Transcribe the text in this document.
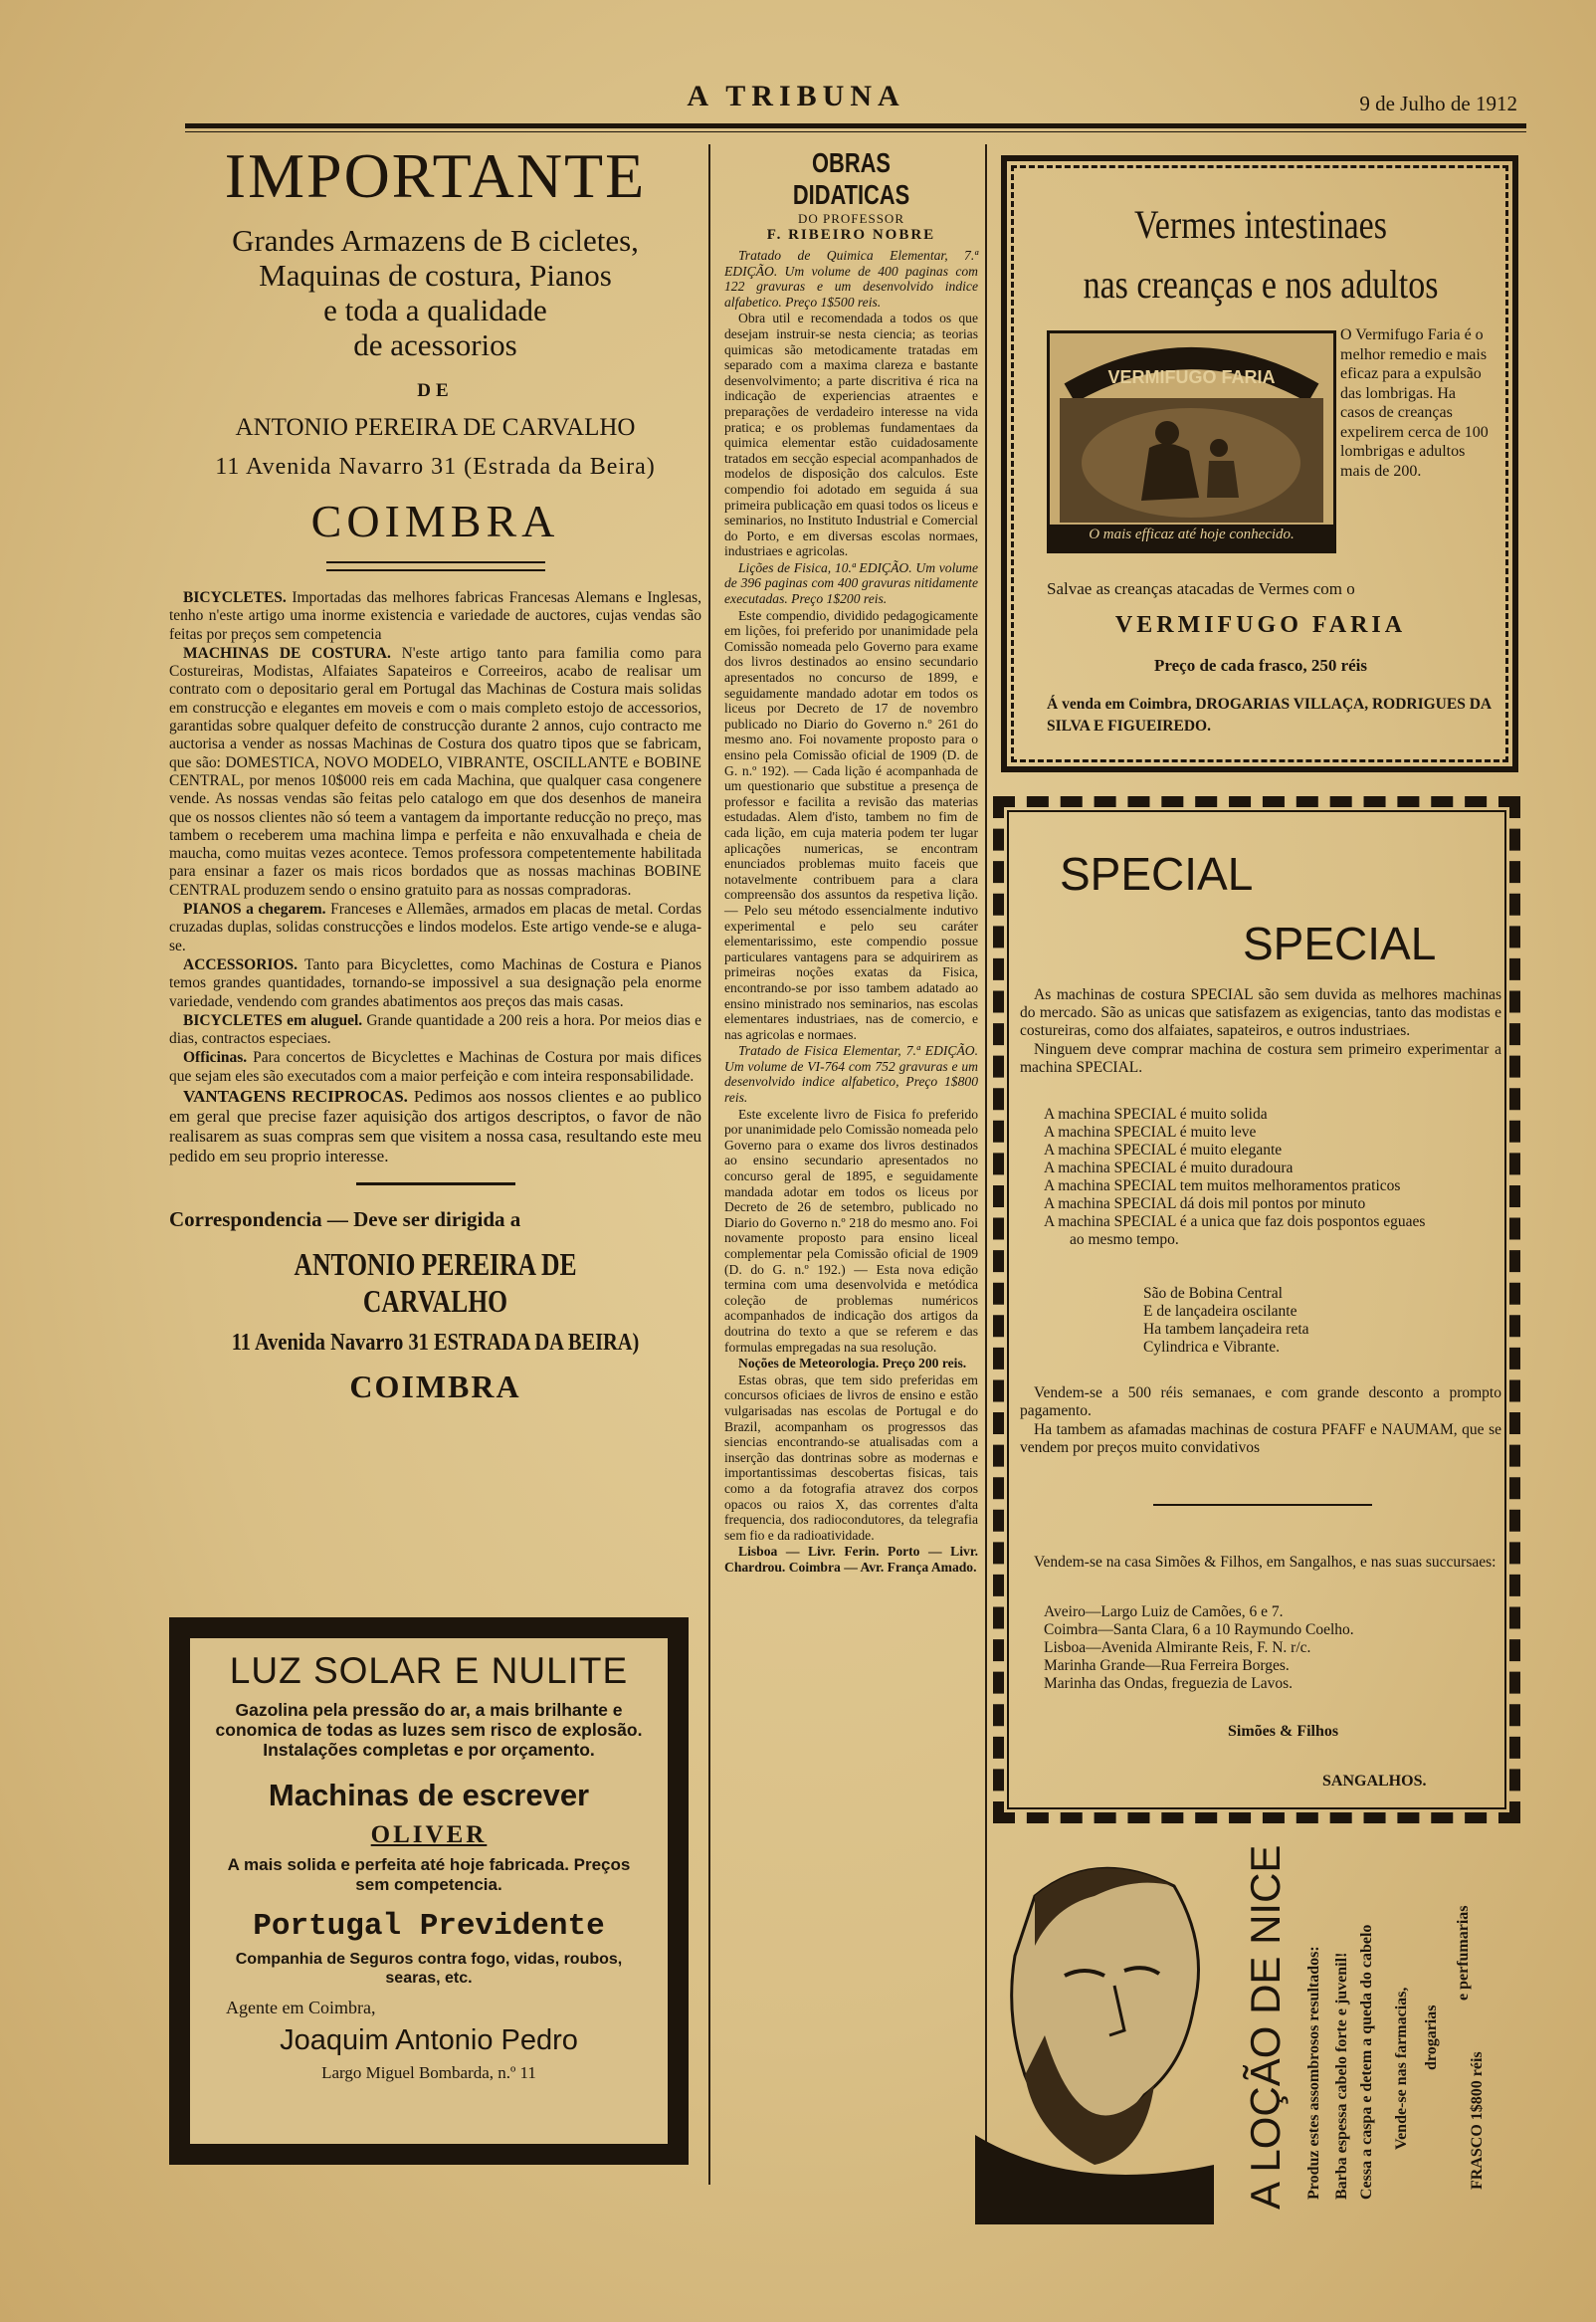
A TRIBUNA	9 de Julho de 1912
IMPORTANTE
Grandes Armazens de B cicletes,
Maquinas de costura, Pianos
e toda a qualidade
de acessorios
DE
ANTONIO PEREIRA DE CARVALHO
11 Avenida Navarro 31 (Estrada da Beira)
COIMBRA

BICYCLETES. Importadas das melhores fabricas Francesas Alemans e Inglesas, tenho n'este artigo uma inorme existencia e variedade de auctores, cujas vendas são feitas por preços sem competencia

MACHINAS DE COSTURA. N'este artigo tanto para familia como para Costureiras, Modistas, Alfaiates Sapateiros e Correeiros, acabo de realisar um contrato com o depositario geral em Portugal das Machinas de Costura mais solidas em construcção e elegantes em moveis e com o mais completo estojo de accessorios, garantidas sobre qualquer defeito de construcção durante 2 annos, cujo contracto me auctorisa a vender as nossas Machinas de Costura dos quatro tipos que se fabricam, que são: DOMESTICA, NOVO MODELO, VIBRANTE, OSCILLANTE e BOBINE CENTRAL, por menos 10$000 reis em cada Machina, que qualquer casa congenere vende. As nossas vendas são feitas pelo catalogo em que dos desenhos de maneira que os nossos clientes não só teem a vantagem da importante reducção no preço, mas tambem o receberem uma machina limpa e perfeita e não enxuvalhada e cheia de maucha, como muitas vezes acontece. Temos professora competentemente habilitada para ensinar a fazer os mais ricos bordados que as nossas machinas BOBINE CENTRAL produzem sendo o ensino gratuito para as nossas compradoras.

PIANOS a chegarem. Franceses e Allemães, armados em placas de metal. Cordas cruzadas duplas, solidas construcções e lindos modelos. Este artigo vende-se e aluga-se.

ACCESSORIOS. Tanto para Bicyclettes, como Machinas de Costura e Pianos temos grandes quantidades, tornando-se impossivel a sua designação pela enorme variedade, vendendo com grandes abatimentos aos preços das mais casas.

BICYCLETES em aluguel. Grande quantidade a 200 reis a hora. Por meios dias e dias, contractos especiaes.

Officinas. Para concertos de Bicyclettes e Machinas de Costura por mais difices que sejam eles são executados com a maior perfeição e com inteira responsabilidade.

VANTAGENS RECIPROCAS. Pedimos aos nossos clientes e ao publico em geral que precise fazer aquisição dos artigos descriptos, o favor de não realisarem as suas compras sem que visitem a nossa casa, resultando este meu pedido em seu proprio interesse.

Correspondencia — Deve ser dirigida a
ANTONIO PEREIRA DE CARVALHO
11 Avenida Navarro 31 ESTRADA DA BEIRA)
COIMBRA
LUZ SOLAR E NULITE
Gazolina pela pressão do ar, a mais brilhante e conomica de todas as luzes sem risco de explosão. Instalações completas e por orçamento.
Machinas de escrever
OLIVER
A mais solida e perfeita até hoje fabricada. Preços sem competencia.
Portugal Previdente
Companhia de Seguros contra fogo, vidas, roubos, searas, etc.
Agente em Coimbra,
Joaquim Antonio Pedro
Largo Miguel Bombarda, n.º 11
OBRAS DIDATICAS
DO PROFESSOR
F. RIBEIRO NOBRE

Tratado de Quimica Elementar, 7.ª EDIÇÃO. Um volume de 400 paginas com 122 gravuras e um desenvolvido indice alfabetico. Preço 1$500 reis.

Obra util e recomendada a todos os que desejam instruir-se nesta ciencia; as teorias quimicas são metodicamente tratadas em separado com a maxima clareza e bastante desenvolvimento; a parte discritiva é rica na indicação de experiencias atraentes e preparações de verdadeiro interesse na vida pratica; e os problemas fundamentaes da quimica elementar estão cuidadosamente tratados em secção especial acompanhados de modelos de disposição dos calculos. Este compendio foi adotado em seguida á sua primeira publicação em quasi todos os liceus e seminarios, no Instituto Industrial e Comercial do Porto, e em diversas escolas normaes, industriaes e agricolas.

Lições de Fisica, 10.ª EDIÇÃO. Um volume de 396 paginas com 400 gravuras nitidamente executadas. Preço 1$200 reis.

Este compendio, dividido pedagogicamente em lições, foi preferido por unanimidade pela Comissão nomeada pelo Governo para exame dos livros destinados ao ensino secundario apresentados no concurso de 1899, e seguidamente mandado adotar em todos os liceus por Decreto de 17 de novembro publicado no Diario do Governo n.º 261 do mesmo ano. Foi novamente proposto para o ensino pela Comissão oficial de 1909 (D. de G. n.º 192). — Cada lição é acompanhada de um questionario que substitue a presença de professor e facilita a revisão das materias estudadas. Alem d'isto, tambem no fim de cada lição, em cuja materia podem ter lugar aplicações numericas, se encontram enunciados problemas muito faceis que notavelmente contribuem para a clara compreensão dos assuntos da respetiva lição. — Pelo seu método essencialmente indutivo experimental e pelo seu caráter elementarissimo, este compendio possue particulares vantagens para se adquirirem as primeiras noções exatas da Fisica, encontrando-se por isso tambem adatado ao ensino ministrado nos seminarios, nas escolas elementares industriaes, nas de comercio, e nas agricolas e normaes.

Tratado de Fisica Elementar, 7.ª EDIÇÃO. Um volume de VI-764 com 752 gravuras e um desenvolvido indice alfabetico, Preço 1$800 reis.

Este excelente livro de Fisica fo preferido por unanimidade pelo Comissão nomeada pelo Governo para o exame dos livros destinados ao ensino secundario apresentados no concurso geral de 1895, e seguidamente mandada adotar em todos os liceus por Decreto de 26 de setembro, publicado no Diario do Governo n.º 218 do mesmo ano. Foi novamente proposto para ensino liceal complementar pela Comissão oficial de 1909 (D. do G. n.º 192.) — Esta nova edição termina com uma desenvolvida e metódica coleção de problemas numéricos acompanhados de indicação dos artigos da doutrina do texto a que se referem e das formulas empregadas na sua resolução.

Noções de Meteorologia. Preço 200 reis.

Estas obras, que tem sido preferidas em concursos oficiaes de livros de ensino e estão vulgarisadas nas escolas de Portugal e do Brazil, acompanham os progressos das siencias encontrando-se atualisadas com a inserção das dontrinas sobre as modernas e importantissimas descobertas fisicas, tais como a da fotografia atravez dos corpos opacos ou raios X, das correntes d'alta frequencia, dos radiocondutores, da telegrafia sem fio e da radioatividade.

Lisboa — Livr. Ferin. Porto — Livr. Chardrou. Coimbra — Avr. França Amado.

Vermes intestinaes
nas creanças e nos adultos
VERMIFUGO FARIA
O mais efficaz até hoje conhecido.
O Vermifugo Faria é o melhor remedio e mais eficaz para a expulsão das lombrigas. Ha casos de creanças expelirem cerca de 100 lombrigas e adultos mais de 200.
Salvae as creanças atacadas de Vermes com o
VERMIFUGO FARIA
Preço de cada frasco, 250 réis
Á venda em Coimbra, DROGARIAS VILLAÇA, RODRIGUES DA SILVA E FIGUEIREDO.
SPECIAL
SPECIAL

As machinas de costura SPECIAL são sem duvida as melhores machinas do mercado. São as unicas que satisfazem as exigencias, tanto das modistas e costureiras, como dos alfaiates, sapateiros, e outros industriaes.

Ninguem deve comprar machina de costura sem primeiro experimentar a machina SPECIAL.

A machina SPECIAL é muito solida
A machina SPECIAL é muito leve
A machina SPECIAL é muito elegante
A machina SPECIAL é muito duradoura
A machina SPECIAL tem muitos melhoramentos praticos
A machina SPECIAL dá dois mil pontos por minuto
A machina SPECIAL é a unica que faz dois pospontos eguaes
ao mesmo tempo.
São de Bobina Central
E de lançadeira oscilante
Ha tambem lançadeira reta
Cylindrica e Vibrante.

Vendem-se a 500 réis semanaes, e com grande desconto a prompto pagamento.

Ha tambem as afamadas machinas de costura PFAFF e NAUMAM, que se vendem por preços muito convidativos

Vendem-se na casa Simões & Filhos, em Sangalhos, e nas suas succursaes:

Aveiro—Largo Luiz de Camões, 6 e 7.
Coimbra—Santa Clara, 6 a 10 Raymundo Coelho.
Lisboa—Avenida Almirante Reis, F. N. r/c.
Marinha Grande—Rua Ferreira Borges.
Marinha das Ondas, freguezia de Lavos.
Simões & Filhos
SANGALHOS.
A LOÇÃO DE NICE Produz estes assombrosos resultados: Barba espessa cabelo forte e juvenil! Cessa a caspa e detem a queda do cabelo Vende-se nas farmacias, drogarias
e perfumarias
FRASCO 1$800 réis
